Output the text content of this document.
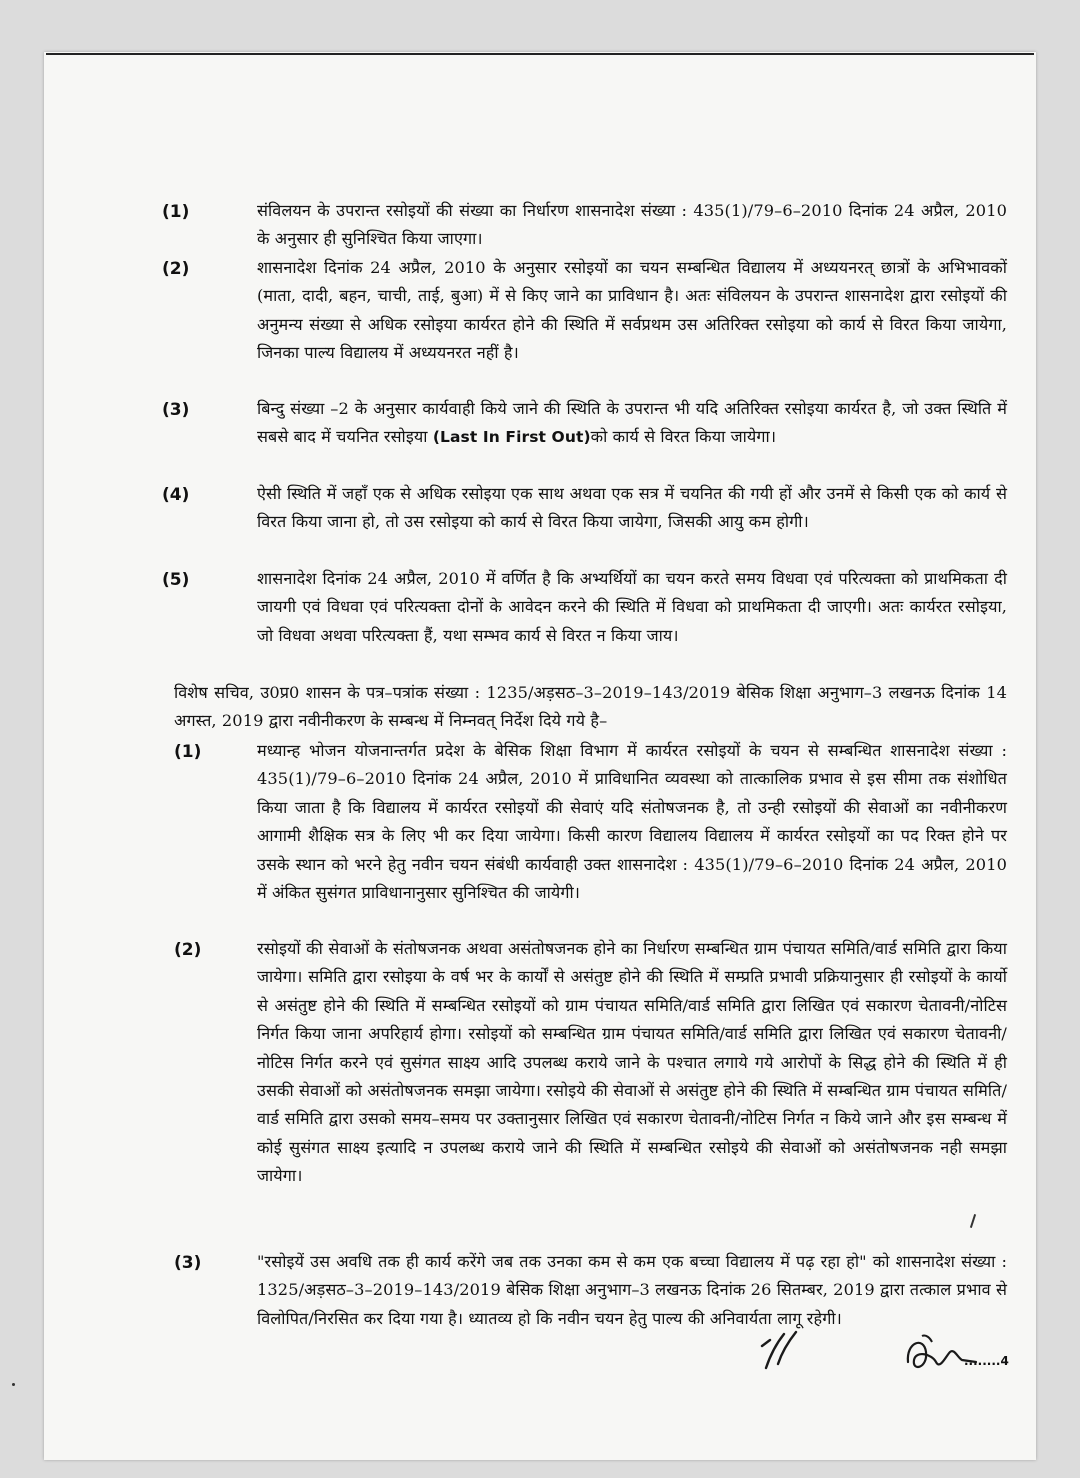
(1)	संविलयन के उपरान्त रसोइयों की संख्या का निर्धारण शासनादेश संख्या : 435(1)/79–6–2010 दिनांक 24 अप्रैल, 2010 के अनुसार ही सुनिश्चित किया जाएगा।
(2)	शासनादेश दिनांक 24 अप्रैल, 2010 के अनुसार रसोइयों का चयन सम्बन्धित विद्यालय में अध्ययनरत् छात्रों के अभिभावकों (माता, दादी, बहन, चाची, ताई, बुआ) में से किए जाने का प्राविधान है। अतः संविलयन के उपरान्त शासनादेश द्वारा रसोइयों की अनुमन्य संख्या से अधिक रसोइया कार्यरत होने की स्थिति में सर्वप्रथम उस अतिरिक्त रसोइया को कार्य से विरत किया जायेगा, जिनका पाल्य विद्यालय में अध्ययनरत नहीं है।
(3)	बिन्दु संख्या –2 के अनुसार कार्यवाही किये जाने की स्थिति के उपरान्त भी यदि अतिरिक्त रसोइया कार्यरत है, जो उक्त स्थिति में सबसे बाद में चयनित रसोइया (Last In First Out)को कार्य से विरत किया जायेगा।
(4)	ऐसी स्थिति में जहाँ एक से अधिक रसोइया एक साथ अथवा एक सत्र में चयनित की गयी हों और उनमें से किसी एक को कार्य से विरत किया जाना हो, तो उस रसोइया को कार्य से विरत किया जायेगा, जिसकी आयु कम होगी।
(5)	शासनादेश दिनांक 24 अप्रैल, 2010 में वर्णित है कि अभ्यर्थियों का चयन करते समय विधवा एवं परित्यक्ता को प्राथमिकता दी जायगी एवं विधवा एवं परित्यक्ता दोनों के आवेदन करने की स्थिति में विधवा को प्राथमिकता दी जाएगी। अतः कार्यरत रसोइया, जो विधवा अथवा परित्यक्ता हैं, यथा सम्भव कार्य से विरत न किया जाय।
विशेष सचिव, उ0प्र0 शासन के पत्र–पत्रांक संख्या : 1235/अड़सठ–3–2019–143/2019 बेसिक शिक्षा अनुभाग–3 लखनऊ दिनांक 14 अगस्त, 2019 द्वारा नवीनीकरण के सम्बन्ध में निम्नवत् निर्देश दिये गये है–
(1)	मध्यान्ह भोजन योजनान्तर्गत प्रदेश के बेसिक शिक्षा विभाग में कार्यरत रसोइयों के चयन से सम्बन्धित शासनादेश संख्या : 435(1)/79–6–2010 दिनांक 24 अप्रैल, 2010 में प्राविधानित व्यवस्था को तात्कालिक प्रभाव से इस सीमा तक संशोधित किया जाता है कि विद्यालय में कार्यरत रसोइयों की सेवाएं यदि संतोषजनक है, तो उन्ही रसोइयों की सेवाओं का नवीनीकरण आगामी शैक्षिक सत्र के लिए भी कर दिया जायेगा। किसी कारण विद्यालय विद्यालय में कार्यरत रसोइयों का पद रिक्त होने पर उसके स्थान को भरने हेतु नवीन चयन संबंधी कार्यवाही उक्त शासनादेश : 435(1)/79–6–2010 दिनांक 24 अप्रैल, 2010 में अंकित सुसंगत प्राविधानानुसार सुनिश्चित की जायेगी।
(2)	रसोइयों की सेवाओं के संतोषजनक अथवा असंतोषजनक होने का निर्धारण सम्बन्धित ग्राम पंचायत समिति/वार्ड समिति द्वारा किया जायेगा। समिति द्वारा रसोइया के वर्ष भर के कार्यों से असंतुष्ट होने की स्थिति में सम्प्रति प्रभावी प्रक्रियानुसार ही रसोइयों के कार्यो से असंतुष्ट होने की स्थिति में सम्बन्धित रसोइयों को ग्राम पंचायत समिति/वार्ड समिति द्वारा लिखित एवं सकारण चेतावनी/नोटिस निर्गत किया जाना अपरिहार्य होगा। रसोइयों को सम्बन्धित ग्राम पंचायत समिति/वार्ड समिति द्वारा लिखित एवं सकारण चेतावनी/नोटिस निर्गत करने एवं सुसंगत साक्ष्य आदि उपलब्ध कराये जाने के पश्चात लगाये गये आरोपों के सिद्ध होने की स्थिति में ही उसकी सेवाओं को असंतोषजनक समझा जायेगा। रसोइये की सेवाओं से असंतुष्ट होने की स्थिति में सम्बन्धित ग्राम पंचायत समिति/वार्ड समिति द्वारा उसको समय–समय पर उक्तानुसार लिखित एवं सकारण चेतावनी/नोटिस निर्गत न किये जाने और इस सम्बन्ध में कोई सुसंगत साक्ष्य इत्यादि न उपलब्ध कराये जाने की स्थिति में सम्बन्धित रसोइये की सेवाओं को असंतोषजनक नही समझा जायेगा।
(3)	"रसोइयें उस अवधि तक ही कार्य करेंगे जब तक उनका कम से कम एक बच्चा विद्यालय में पढ़ रहा हो" को शासनादेश संख्या : 1325/अड़सठ–3–2019–143/2019 बेसिक शिक्षा अनुभाग–3 लखनऊ दिनांक 26 सितम्बर, 2019 द्वारा तत्काल प्रभाव से विलोपित/निरसित कर दिया गया है। ध्यातव्य हो कि नवीन चयन हेतु पाल्य की अनिवार्यता लागू रहेगी।
........4
